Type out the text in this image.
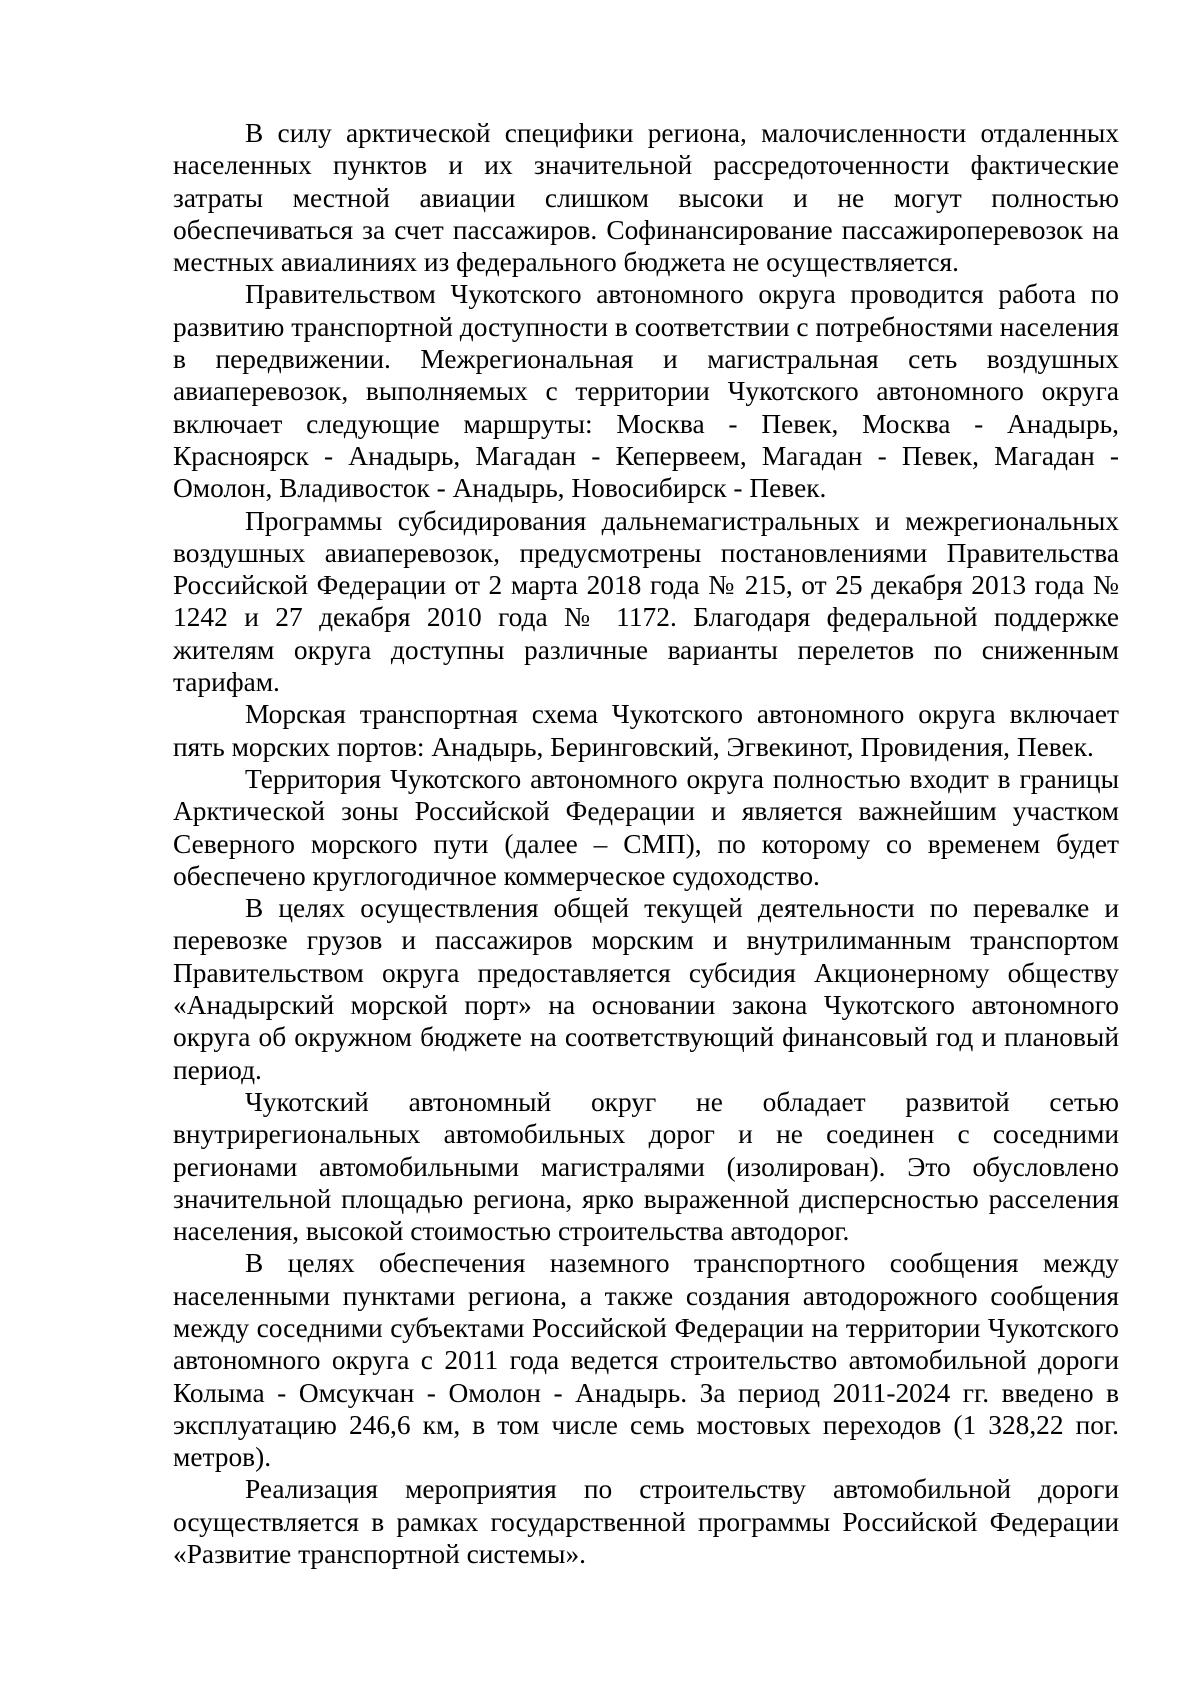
В силу арктической специфики региона, малочисленности отдаленных населенных пунктов и их значительной рассредоточенности фактические затраты местной авиации слишком высоки и не могут полностью обеспечиваться за счет пассажиров. Софинансирование пассажироперевозок на местных авиалиниях из федерального бюджета не осуществляется.

Правительством Чукотского автономного округа проводится работа по развитию транспортной доступности в соответствии с потребностями населения в передвижении. Межрегиональная и магистральная сеть воздушных авиаперевозок, выполняемых с территории Чукотского автономного округа включает следующие маршруты: Москва - Певек, Москва - Анадырь, Красноярск - Анадырь, Магадан - Кепервеем, Магадан - Певек, Магадан - Омолон, Владивосток - Анадырь, Новосибирск - Певек.

Программы субсидирования дальнемагистральных и межрегиональных воздушных авиаперевозок, предусмотрены постановлениями Правительства Российской Федерации от 2 марта 2018 года № 215, от 25 декабря 2013 года № 1242 и 27 декабря 2010 года № 1172. Благодаря федеральной поддержке жителям округа доступны различные варианты перелетов по сниженным тарифам.

Морская транспортная схема Чукотского автономного округа включает пять морских портов: Анадырь, Беринговский, Эгвекинот, Провидения, Певек.

Территория Чукотского автономного округа полностью входит в границы Арктической зоны Российской Федерации и является важнейшим участком Северного морского пути (далее – СМП), по которому со временем будет обеспечено круглогодичное коммерческое судоходство.

В целях осуществления общей текущей деятельности по перевалке и перевозке грузов и пассажиров морским и внутрилиманным транспортом Правительством округа предоставляется субсидия Акционерному обществу «Анадырский морской порт» на основании закона Чукотского автономного округа об окружном бюджете на соответствующий финансовый год и плановый период.

Чукотский автономный округ не обладает развитой сетью внутрирегиональных автомобильных дорог и не соединен с соседними регионами автомобильными магистралями (изолирован). Это обусловлено значительной площадью региона, ярко выраженной дисперсностью расселения населения, высокой стоимостью строительства автодорог.

В целях обеспечения наземного транспортного сообщения между населенными пунктами региона, а также создания автодорожного сообщения между соседними субъектами Российской Федерации на территории Чукотского автономного округа с 2011 года ведется строительство автомобильной дороги Колыма - Омсукчан - Омолон - Анадырь. За период 2011-2024 гг. введено в эксплуатацию 246,6 км, в том числе семь мостовых переходов (1 328,22 пог. метров).

Реализация мероприятия по строительству автомобильной дороги осуществляется в рамках государственной программы Российской Федерации «Развитие транспортной системы».
